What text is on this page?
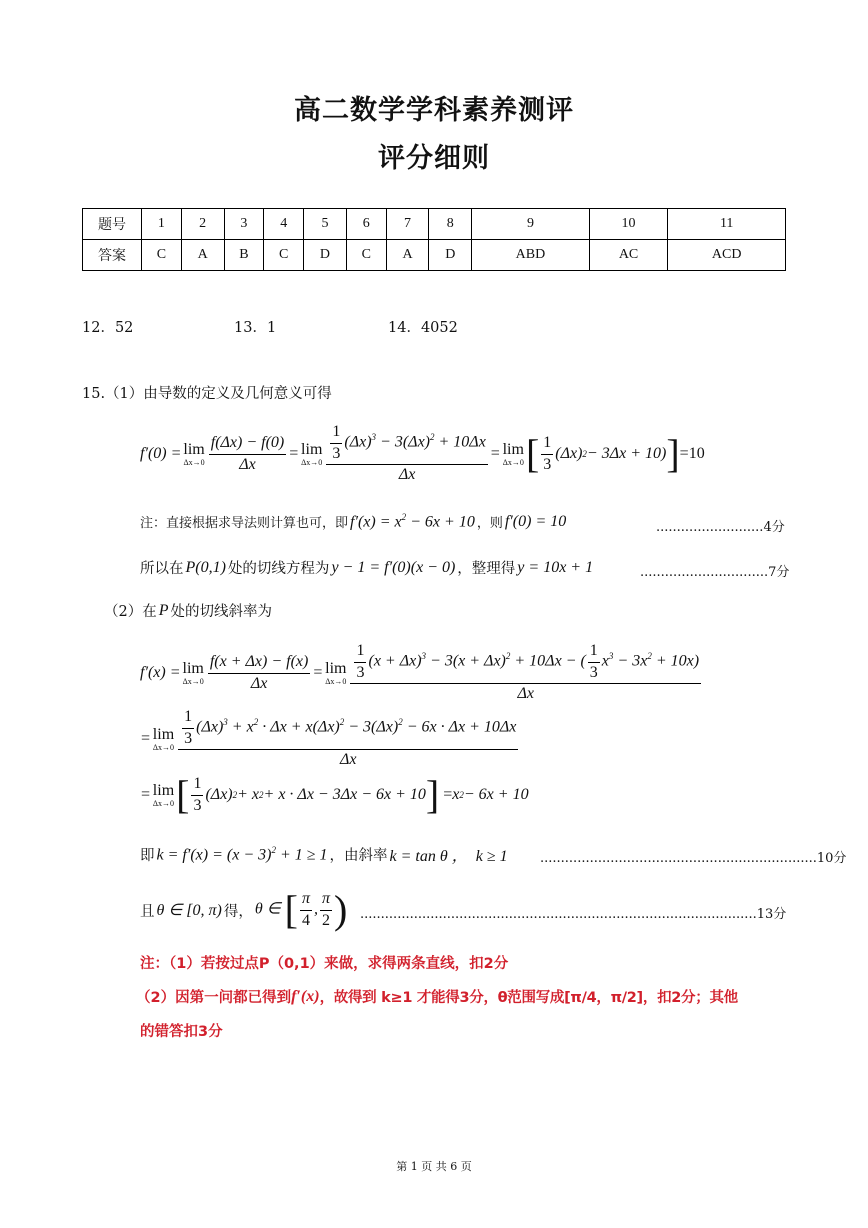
高二数学学科素养测评
评分细则
题号	1	2	3	4	5	6	7	8	9	10	11
答案	C	A	B	C	D	C	A	D	ABD	AC	ACD
12．52	13．1	14．4052
15.（1）由导数的定义及几何意义可得
f′(0) = lim
$\Delta x\to 0 \frac{f(\Delta x) - f(0)}{\Delta x} = \lim$
$\Delta x\to 0 \frac{\frac{1}{3} (\Delta x)^3 - 3(\Delta x)^2 + 10\Delta x}{\Delta x} = \lim$
Δx→0 [ $\frac{1}{3} (\Delta x) 2 - 3\Delta x + 10$) ] = 10
注：直接根据求导法则计算也可，即 $f'(x) = x^2 - 6x + 10$ ，则 f′(0) = 10	..........................4分
所以在 P(0,1) 处的切线方程为 y − 1 = f′(0)(x − 0) ，整理得 y = 10x + 1	...............................7分
（2）在 P 处的切线斜率为
f′(x) = lim
$\Delta x\to 0 \frac{f(x + \Delta x) - f(x)}{\Delta x} = \lim$
$\Delta x\to 0 \frac{\frac{1}{3} (x + \Delta x)^3 - 3(x + \Delta x)^2 + 10\Delta x - ( \frac{1}{3} x^3 - 3x^2 + 10x)}{\Delta x}$
= lim
$\Delta x\to 0 \frac{\frac{1}{3} (\Delta x)^3 + x^2 \cdot \Delta x + x(\Delta x)^2 - 3(\Delta x)^2 - 6x \cdot \Delta x + 10\Delta x}{\Delta x}$
= lim
Δx→0 [ $\frac{1}{3} (\Delta x) 2 + x$ 2 + x · Δx − 3Δx − 6x + 10 ] = x 2 − 6x + 10
即 $k = f'(x) = (x - 3)^2 + 1 \ge 1$ ，由斜率 k = tan θ ，  k ≥ 1 ...................................................................10分
且 θ ∈ [0, π) 得， θ ∈ [ $\frac{\pi}{4}$ , $\frac{\pi}{2}$ ) ................................................................................................13分
注：（1）若按过点P（0,1）来做，求得两条直线，扣2分
（2）因第一问都已得到 f′(x) ，故得到 k≥1 才能得3分，θ范围写成[π/4，π/2]，扣2分；其他
的错答扣3分
第 1 页 共 6 页
